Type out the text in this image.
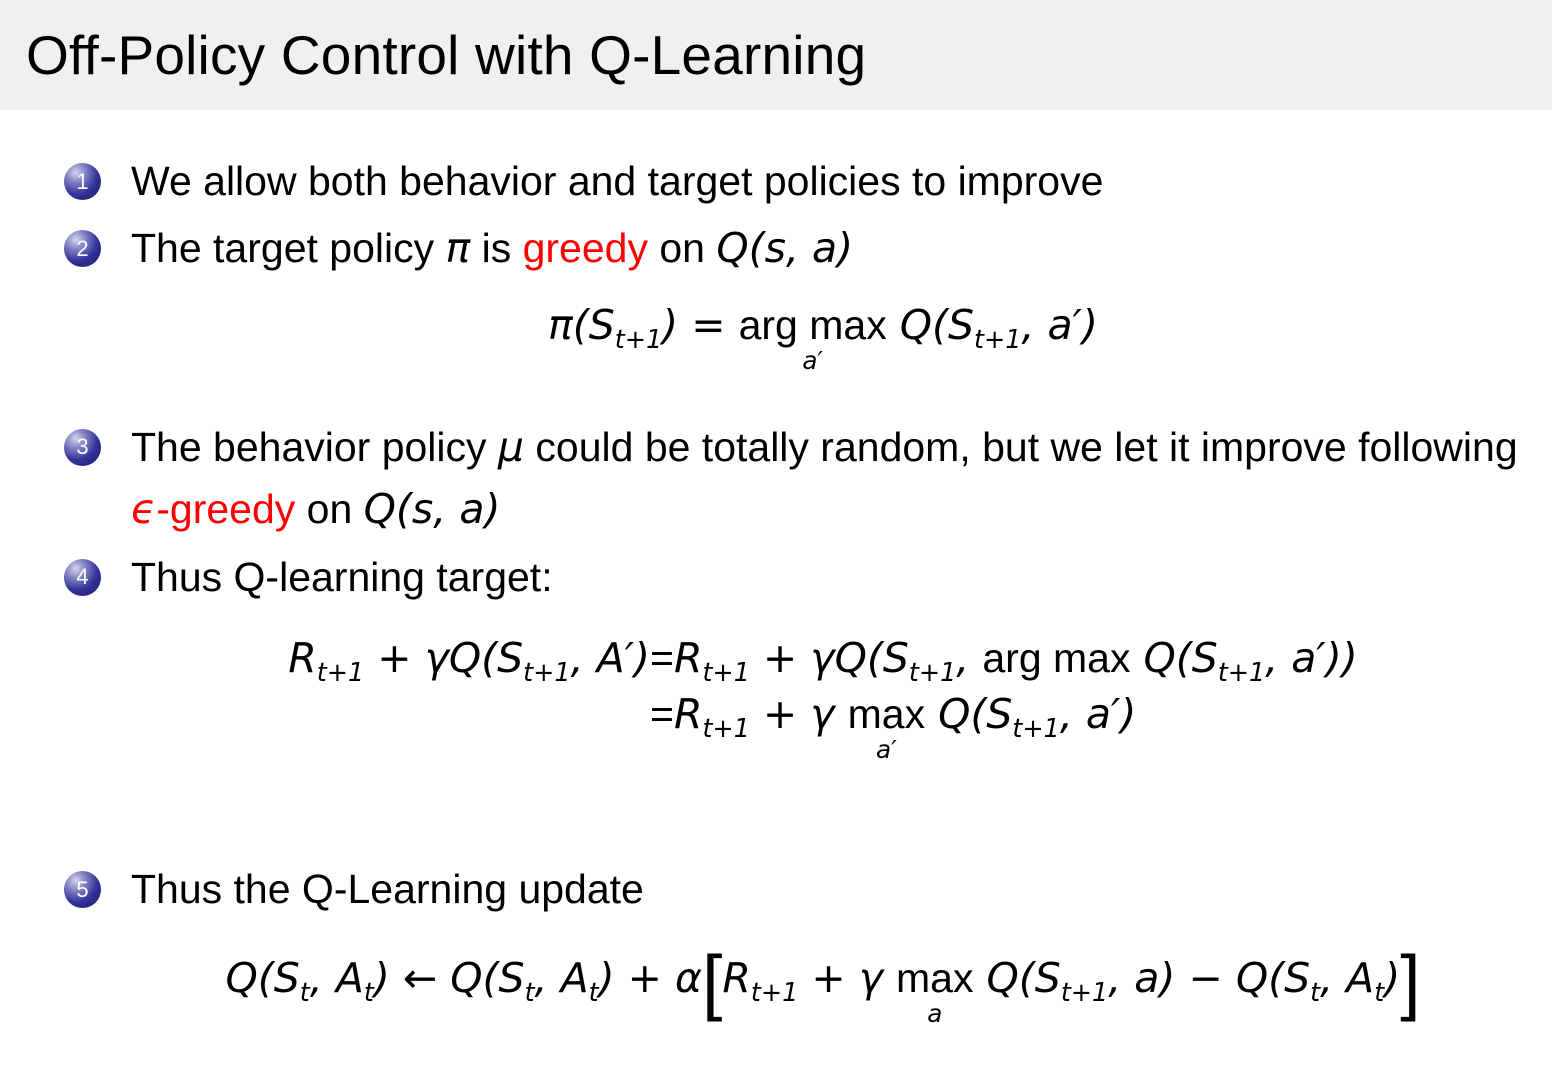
Off-Policy Control with Q-Learning
1 We allow both behavior and target policies to improve
2 The target policy π is greedy on Q(s, a)
$\pi(S_{t+1})$ = arg max
a′
$Q(S_{t+1}$, a′)
3 The behavior policy μ could be totally random, but we let it improve following ϵ-greedy on Q(s, a)
4 Thus Q-learning target:
$R_{t+1} + \gamma Q(S_{t+1}$, $A') =R_{t+1} + \gamma Q(S_{t+1}$, arg $\max Q(S_{t+1}$, a′))
$=R_{t+1} + \gamma$ max
a′
$Q(S_{t+1}$, a′)
5 Thus the Q-Learning update
$Q(S_t$, $A_t$) ← $Q(S_t$, $A_t) + \alpha[R_{t+1} + \gamma$ max
a
$Q(S_{t+1}$, $a) - Q(S_t$, $A_t$)]
